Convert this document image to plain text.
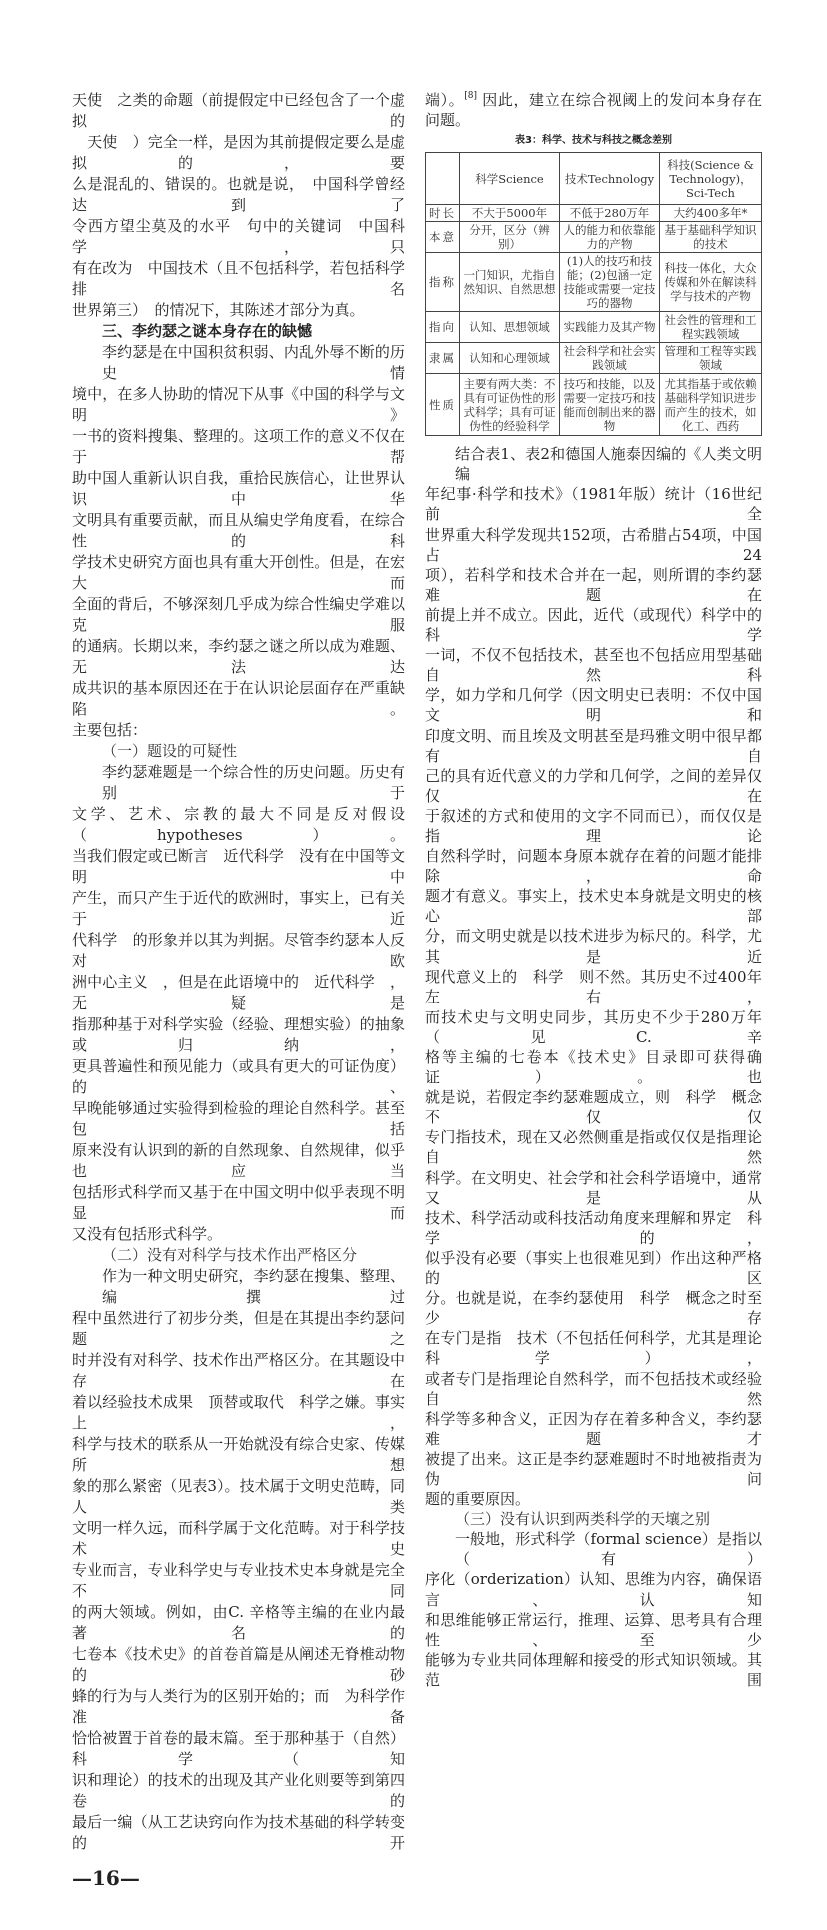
天使　之类的命题（前提假定中已经包含了一个虚拟的
　天使　）完全一样，是因为其前提假定要么是虚拟的，要
么是混乱的、错误的。也就是说，　中国科学曾经达到了
令西方望尘莫及的水平　句中的关键词　中国科学　，只
有在改为　中国技术（且不包括科学，若包括科学排名
世界第三）　的情况下，其陈述才部分为真。
三、李约瑟之谜本身存在的缺憾
李约瑟是在中国积贫积弱、内乱外辱不断的历史情
境中，在多人协助的情况下从事《中国的科学与文明》
一书的资料搜集、整理的。这项工作的意义不仅在于帮
助中国人重新认识自我，重拾民族信心，让世界认识中华
文明具有重要贡献，而且从编史学角度看，在综合性的科
学技术史研究方面也具有重大开创性。但是，在宏大而
全面的背后，不够深刻几乎成为综合性编史学难以克服
的通病。长期以来，李约瑟之谜之所以成为难题、无法达
成共识的基本原因还在于在认识论层面存在严重缺陷。
主要包括：
（一）题设的可疑性
李约瑟难题是一个综合性的历史问题。历史有别于
文学、艺术、宗教的最大不同是反对假设（hypotheses）。
当我们假定或已断言　近代科学　没有在中国等文明中
产生，而只产生于近代的欧洲时，事实上，已有关于　近
代科学　的形象并以其为判据。尽管李约瑟本人反对　欧
洲中心主义　，但是在此语境中的　近代科学　，无疑是
指那种基于对科学实验（经验、理想实验）的抽象或归纳，
更具普遍性和预见能力（或具有更大的可证伪度）的、
早晚能够通过实验得到检验的理论自然科学。甚至包括
原来没有认识到的新的自然现象、自然规律，似乎也应当
包括形式科学而又基于在中国文明中似乎表现不明显而
又没有包括形式科学。
（二）没有对科学与技术作出严格区分
作为一种文明史研究，李约瑟在搜集、整理、编撰过
程中虽然进行了初步分类，但是在其提出李约瑟问题之
时并没有对科学、技术作出严格区分。在其题设中存在
着以经验技术成果　顶替或取代　科学之嫌。事实上，
科学与技术的联系从一开始就没有综合史家、传媒所想
象的那么紧密（见表3）。技术属于文明史范畴，同人类
文明一样久远，而科学属于文化范畴。对于科学技术史
专业而言，专业科学史与专业技术史本身就是完全不同
的两大领域。例如，由C. 辛格等主编的在业内最著名的
七卷本《技术史》的首卷首篇是从阐述无脊椎动物的砂
蜂的行为与人类行为的区别开始的；而　为科学作准备
恰恰被置于首卷的最末篇。至于那种基于（自然）科学（知
识和理论）的技术的出现及其产业化则要等到第四卷的
最后一编（从工艺诀窍向作为技术基础的科学转变的开
—16—
端）。[8] 因此，建立在综合视阈上的发问本身存在问题。
表3：科学、技术与科技之概念差别
	科学Science	技术Technology	科技(Science & Technology)，Sci-Tech
时长	不大于5000年	不低于280万年	大约400多年*
本意	分开，区分（辨别）	人的能力和依靠能力的产物	基于基础科学知识的技术
指称	一门知识，尤指自然知识、自然思想	(1)人的技巧和技能；(2)包涵一定技能或需要一定技巧的器物	科技一体化，大众传媒和外在解读科学与技术的产物
指向	认知、思想领域	实践能力及其产物	社会性的管理和工程实践领域
隶属	认知和心理领域	社会科学和社会实践领域	管理和工程等实践领域
性质	主要有两大类：不具有可证伪性的形式科学；具有可证伪性的经验科学	技巧和技能，以及需要一定技巧和技能而创制出来的器物	尤其指基于或依赖基础科学知识进步而产生的技术，如化工、西药
结合表1、表2和德国人施泰因编的《人类文明编
年纪事·科学和技术》（1981年版）统计（16世纪前全
世界重大科学发现共152项，古希腊占54项，中国占24
项），若科学和技术合并在一起，则所谓的李约瑟难题在
前提上并不成立。因此，近代（或现代）科学中的　科学
一词，不仅不包括技术，甚至也不包括应用型基础自然科
学，如力学和几何学（因文明史已表明：不仅中国文明和
印度文明、而且埃及文明甚至是玛雅文明中很早都有自
己的具有近代意义的力学和几何学，之间的差异仅仅在
于叙述的方式和使用的文字不同而已），而仅仅是指理论
自然科学时，问题本身原本就存在着的问题才能排除，命
题才有意义。事实上，技术史本身就是文明史的核心部
分，而文明史就是以技术进步为标尺的。科学，尤其是近
现代意义上的　科学　则不然。其历史不过400年左右，
而技术史与文明史同步，其历史不少于280万年（见C. 辛
格等主编的七卷本《技术史》目录即可获得确证）。也
就是说，若假定李约瑟难题成立，则　科学　概念不仅仅
专门指技术，现在又必然侧重是指或仅仅是指理论自然
科学。在文明史、社会学和社会科学语境中，通常又是从
技术、科学活动或科技活动角度来理解和界定　科学　的，
似乎没有必要（事实上也很难见到）作出这种严格的区
分。也就是说，在李约瑟使用　科学　概念之时至少存
在专门是指　技术（不包括任何科学，尤其是理论科学），
或者专门是指理论自然科学，而不包括技术或经验自然
科学等多种含义，正因为存在着多种含义，李约瑟难题才
被提了出来。这正是李约瑟难题时不时地被指责为伪问
题的重要原因。
（三）没有认识到两类科学的天壤之别
一般地，形式科学（formal science）是指以（有）
序化（orderization）认知、思维为内容，确保语言、认知
和思维能够正常运行，推理、运算、思考具有合理性、至少
能够为专业共同体理解和接受的形式知识领域。其范围
